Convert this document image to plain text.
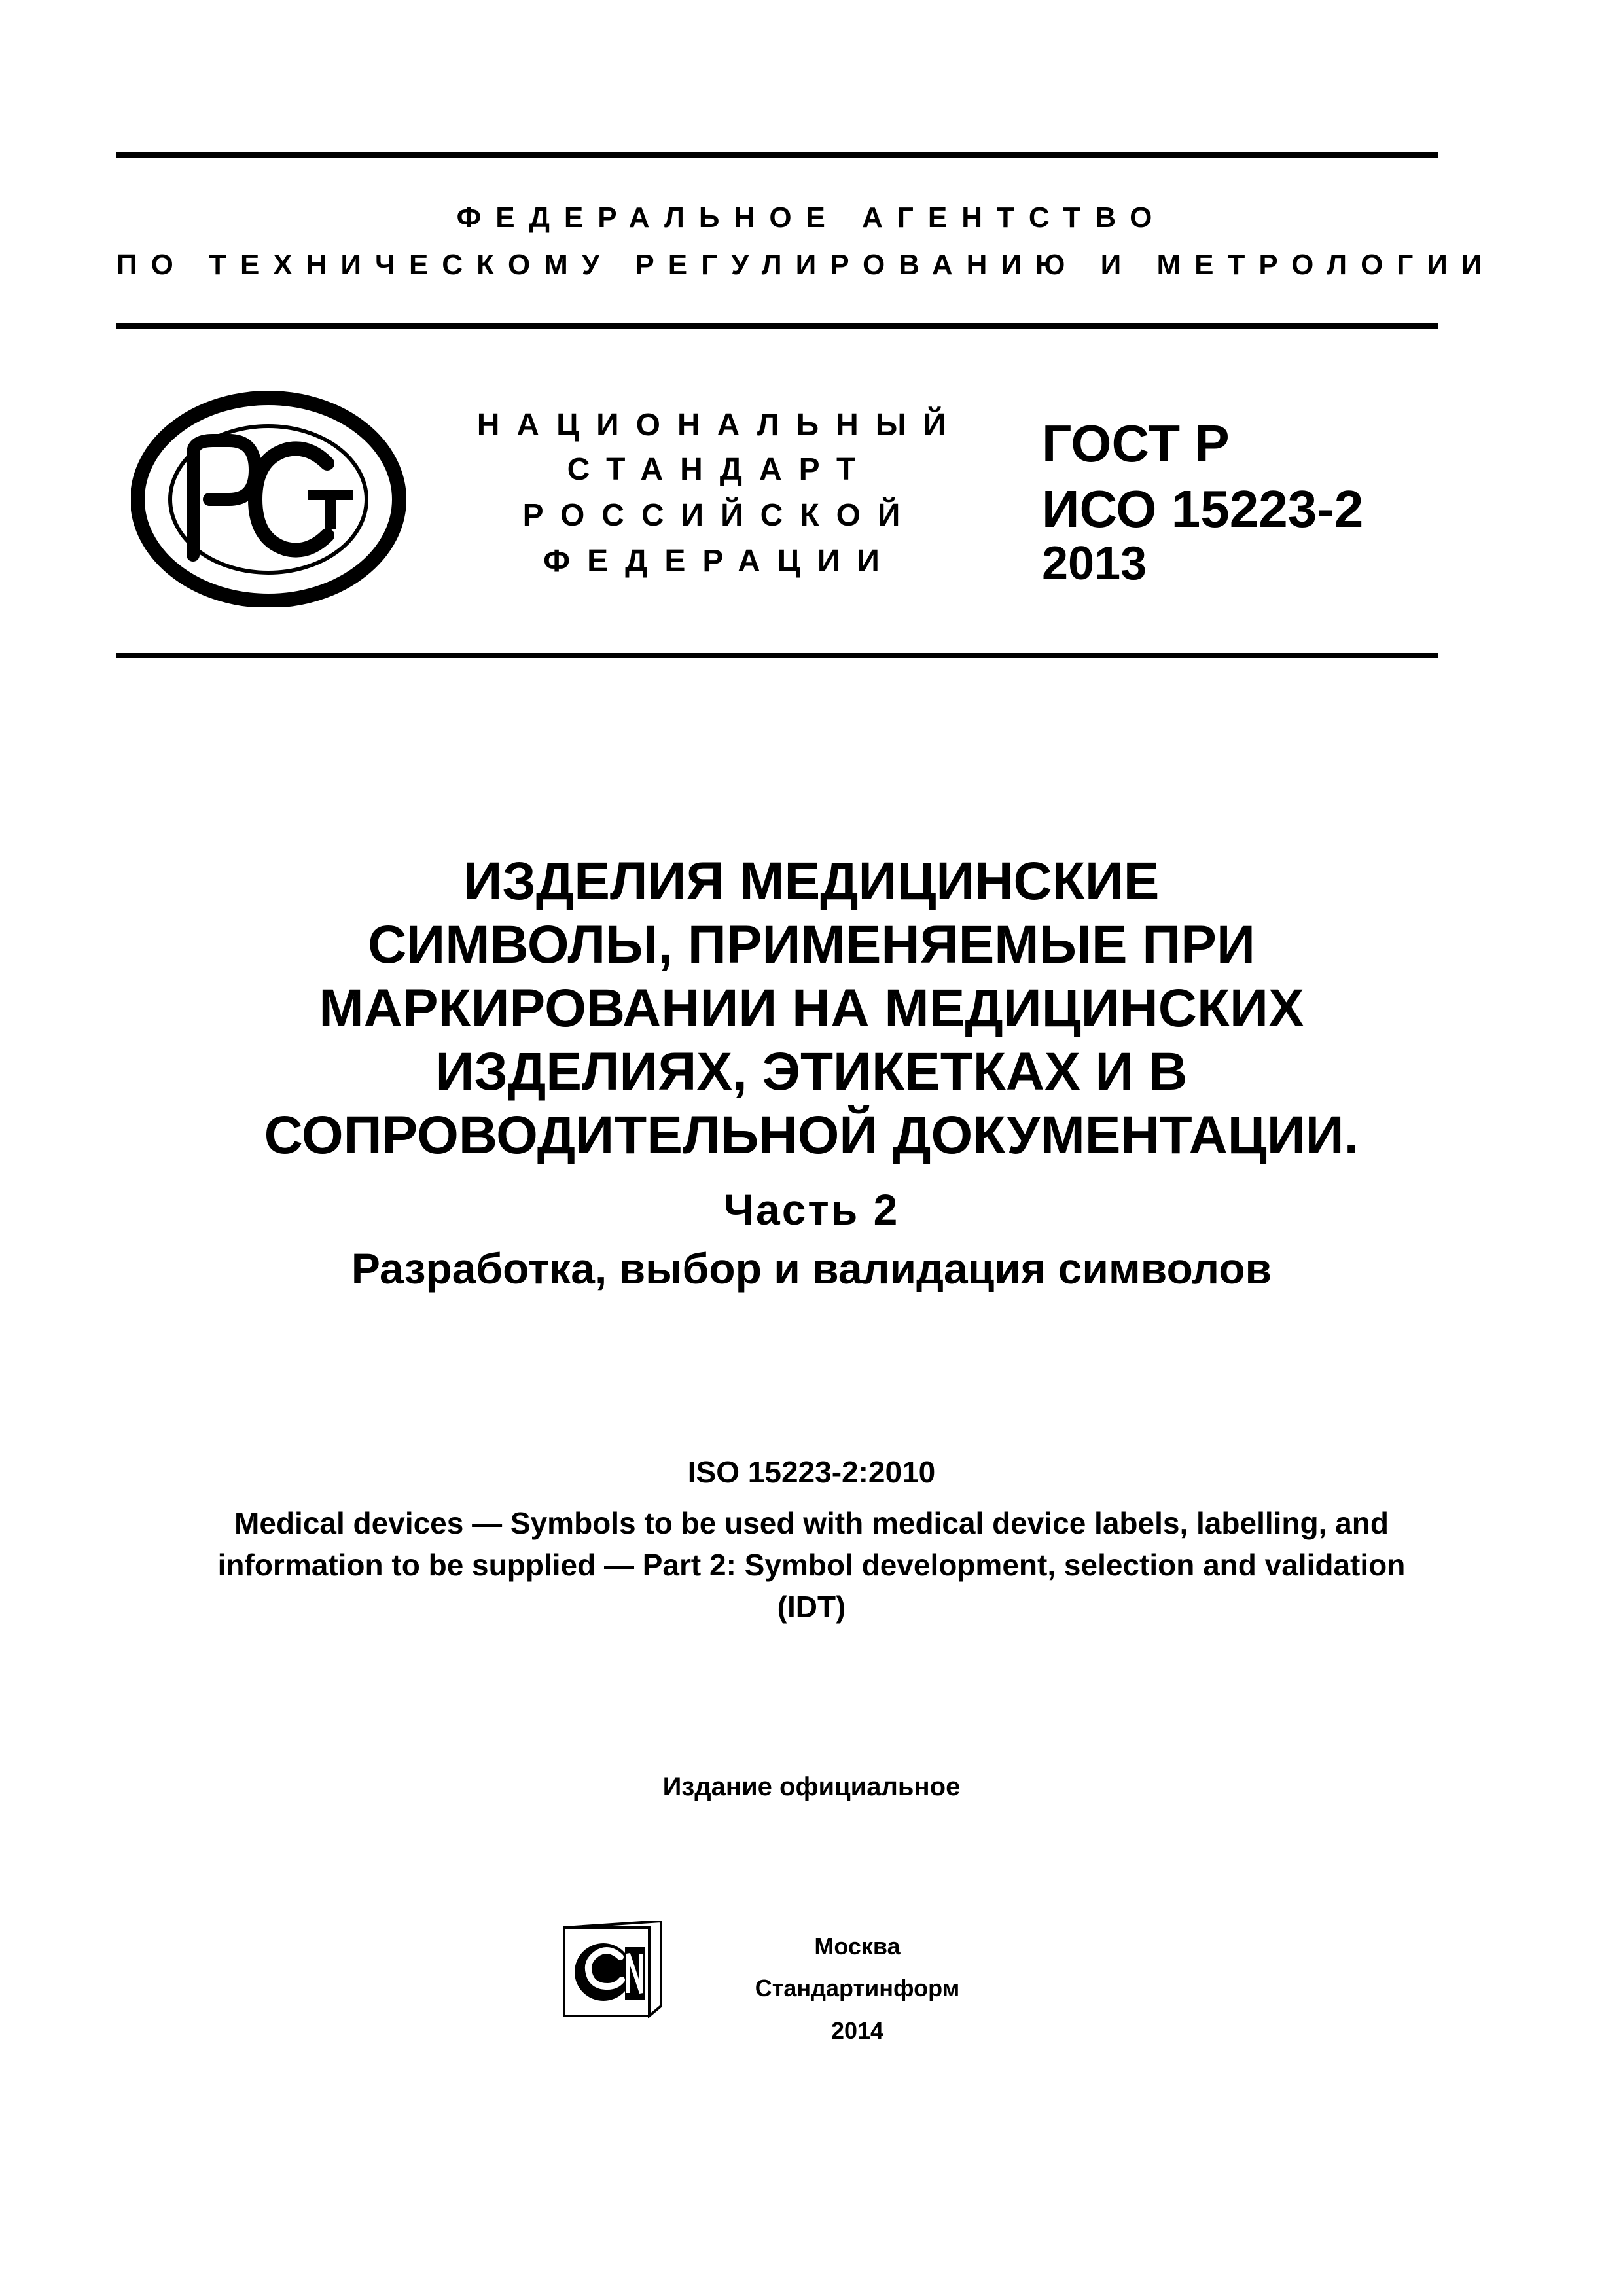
ФЕДЕРАЛЬНОЕ АГЕНТСТВО
ПО ТЕХНИЧЕСКОМУ РЕГУЛИРОВАНИЮ И МЕТРОЛОГИИ
НАЦИОНАЛЬНЫЙ
СТАНДАРТ
РОССИЙСКОЙ
ФЕДЕРАЦИИ
ГОСТ Р
ИСО 15223-2
2013
ИЗДЕЛИЯ МЕДИЦИНСКИЕ
СИМВОЛЫ, ПРИМЕНЯЕМЫЕ ПРИ
МАРКИРОВАНИИ НА МЕДИЦИНСКИХ
ИЗДЕЛИЯХ, ЭТИКЕТКАХ И В
СОПРОВОДИТЕЛЬНОЙ ДОКУМЕНТАЦИИ.
Часть 2
Разработка, выбор и валидация символов
ISO 15223-2:2010
Medical devices — Symbols to be used with medical device labels, labelling, and
information to be supplied — Part 2: Symbol development, selection and validation
(IDT)
Издание официальное
Москва
Стандартинформ
2014
